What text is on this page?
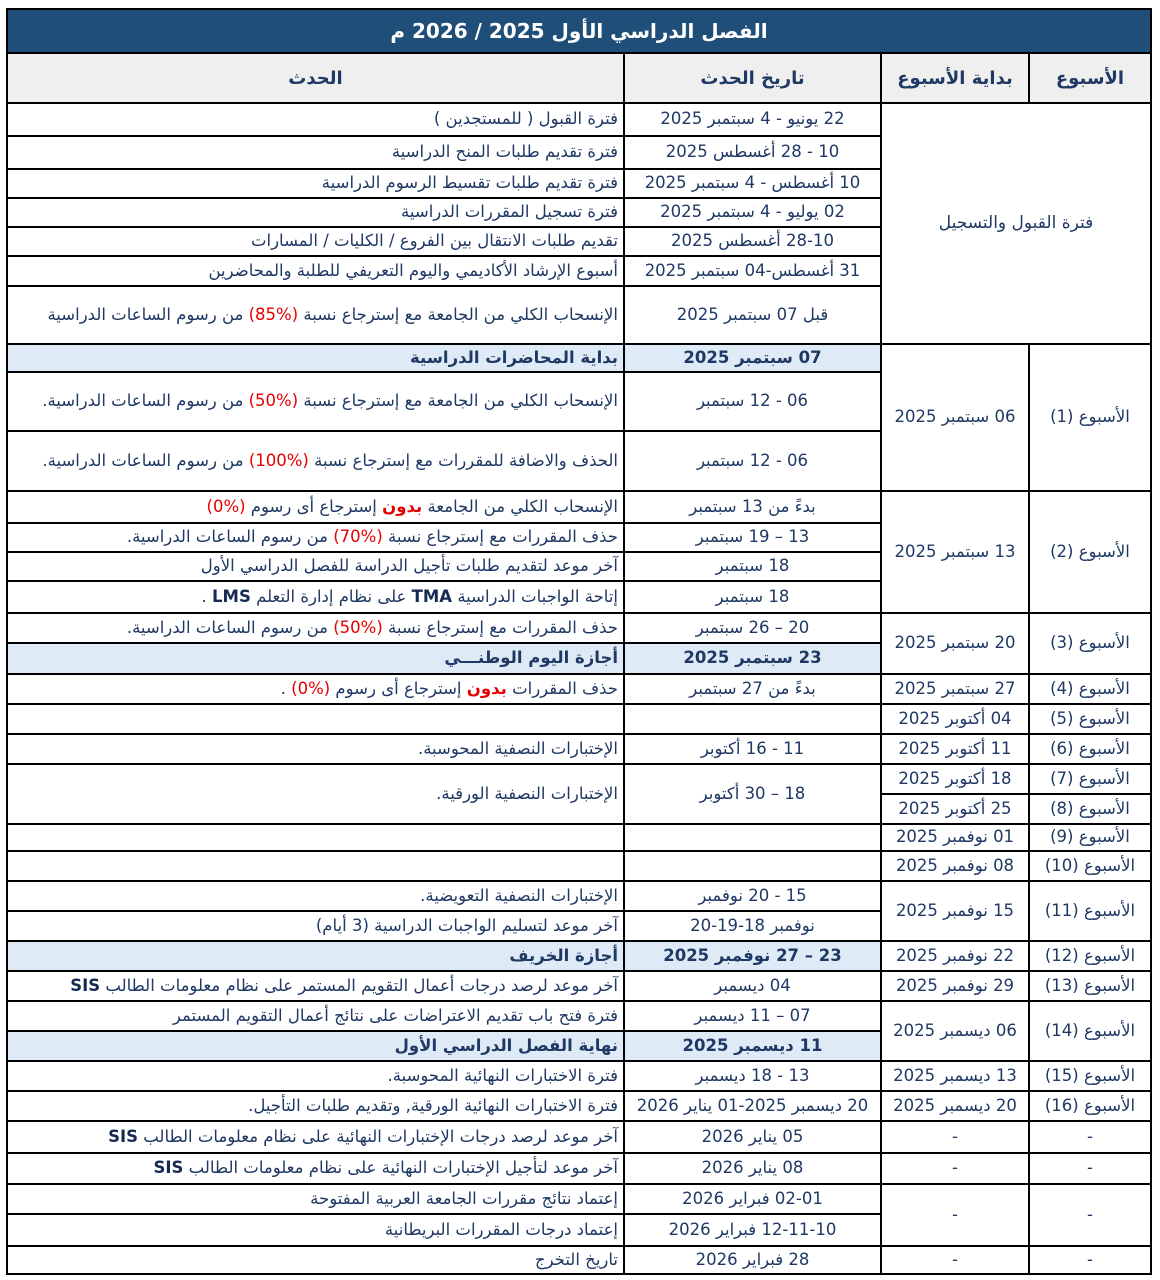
الفصل الدراسي الأول 2025 / 2026 م			
الأسبوع	بداية الأسبوع	تاريخ الحدث	الحدث
فترة القبول والتسجيل		22 يونيو - 4 سبتمبر 2025	فترة القبول ( للمستجدين )
		10 - 28 أغسطس 2025	فترة تقديم طلبات المنح الدراسية
		10 أغسطس - 4 سبتمبر 2025	فترة تقديم طلبات تقسيط الرسوم الدراسية
		02 يوليو - 4 سبتمبر 2025	فترة تسجيل المقررات الدراسية
		10‏-‏28 أغسطس 2025	تقديم طلبات الانتقال بين الفروع / الكليات / المسارات
		31 أغسطس-04 سبتمبر 2025	أسبوع الإرشاد الأكاديمي واليوم التعريفي للطلبة والمحاضرين
		قبل 07 سبتمبر 2025	الإنسحاب الكلي من الجامعة مع إسترجاع نسبة (%85) من رسوم الساعات الدراسية
الأسبوع (1)	06 سبتمبر 2025	07 سبتمبر 2025	بداية المحاضرات الدراسية
		06 - 12 سبتمبر	الإنسحاب الكلي من الجامعة مع إسترجاع نسبة (%50) من رسوم الساعات الدراسية.
		06 - 12 سبتمبر	الحذف والاضافة للمقررات مع إسترجاع نسبة (%100) من رسوم الساعات الدراسية.
الأسبوع (2)	13 سبتمبر 2025	بدءً من 13 سبتمبر	الإنسحاب الكلي من الجامعة بدون إسترجاع أى رسوم (%0)
		13 – 19 سبتمبر	حذف المقررات مع إسترجاع نسبة (%70) من رسوم الساعات الدراسية.
		18 سبتمبر	آخر موعد لتقديم طلبات تأجيل الدراسة للفصل الدراسي الأول
		18 سبتمبر	إتاحة الواجبات الدراسية TMA على نظام إدارة التعلم LMS .
الأسبوع (3)	20 سبتمبر 2025	20 – 26 سبتمبر	حذف المقررات مع إسترجاع نسبة (%50) من رسوم الساعات الدراسية.
		23 سبتمبر 2025	أجازة اليوم الوطنـــي
الأسبوع (4)	27 سبتمبر 2025	بدءً من 27 سبتمبر	حذف المقررات بدون إسترجاع أى رسوم (%0) .
الأسبوع (5)	04 أكتوبر 2025		
الأسبوع (6)	11 أكتوبر 2025	11 - 16 أكتوبر	الإختبارات النصفية المحوسبة.
الأسبوع (7)	18 أكتوبر 2025	18 – 30 أكتوبر	الإختبارات النصفية الورقية.
الأسبوع (8)	25 أكتوبر 2025		
الأسبوع (9)	01 نوفمبر 2025		
الأسبوع (10)	08 نوفمبر 2025		
الأسبوع (11)	15 نوفمبر 2025	15 - 20 نوفمبر	الإختبارات النصفية التعويضية.
		نوفمبر 18‏-‏19‏-‏20	آخر موعد لتسليم الواجبات الدراسية (3 أيام)
الأسبوع (12)	22 نوفمبر 2025	23 – 27 نوفمبر 2025	أجازة الخريف
الأسبوع (13)	29 نوفمبر 2025	04 ديسمبر	آخر موعد لرصد درجات أعمال التقويم المستمر على نظام معلومات الطالب SIS
الأسبوع (14)	06 ديسمبر 2025	07 – 11 ديسمبر	فترة فتح باب تقديم الاعتراضات على نتائج أعمال التقويم المستمر
		11 ديسمبر 2025	نهاية الفصل الدراسي الأول
الأسبوع (15)	13 ديسمبر 2025	13 - 18 ديسمبر	فترة الاختبارات النهائية المحوسبة.
الأسبوع (16)	20 ديسمبر 2025	20 ديسمبر 2025‏-‏01 يناير 2026	فترة الاختبارات النهائية الورقية, وتقديم طلبات التأجيل.
-	-	05 يناير 2026	آخر موعد لرصد درجات الإختبارات النهائية على نظام معلومات الطالب SIS
-	-	08 يناير 2026	آخر موعد لتأجيل الإختبارات النهائية على نظام معلومات الطالب SIS
-	-	01‏-‏02 فبراير 2026	إعتماد نتائج مقررات الجامعة العربية المفتوحة
		10‏-‏11‏-‏12 فبراير 2026	إعتماد درجات المقررات البريطانية
-	-	28 فبراير 2026	تاريخ التخرج
